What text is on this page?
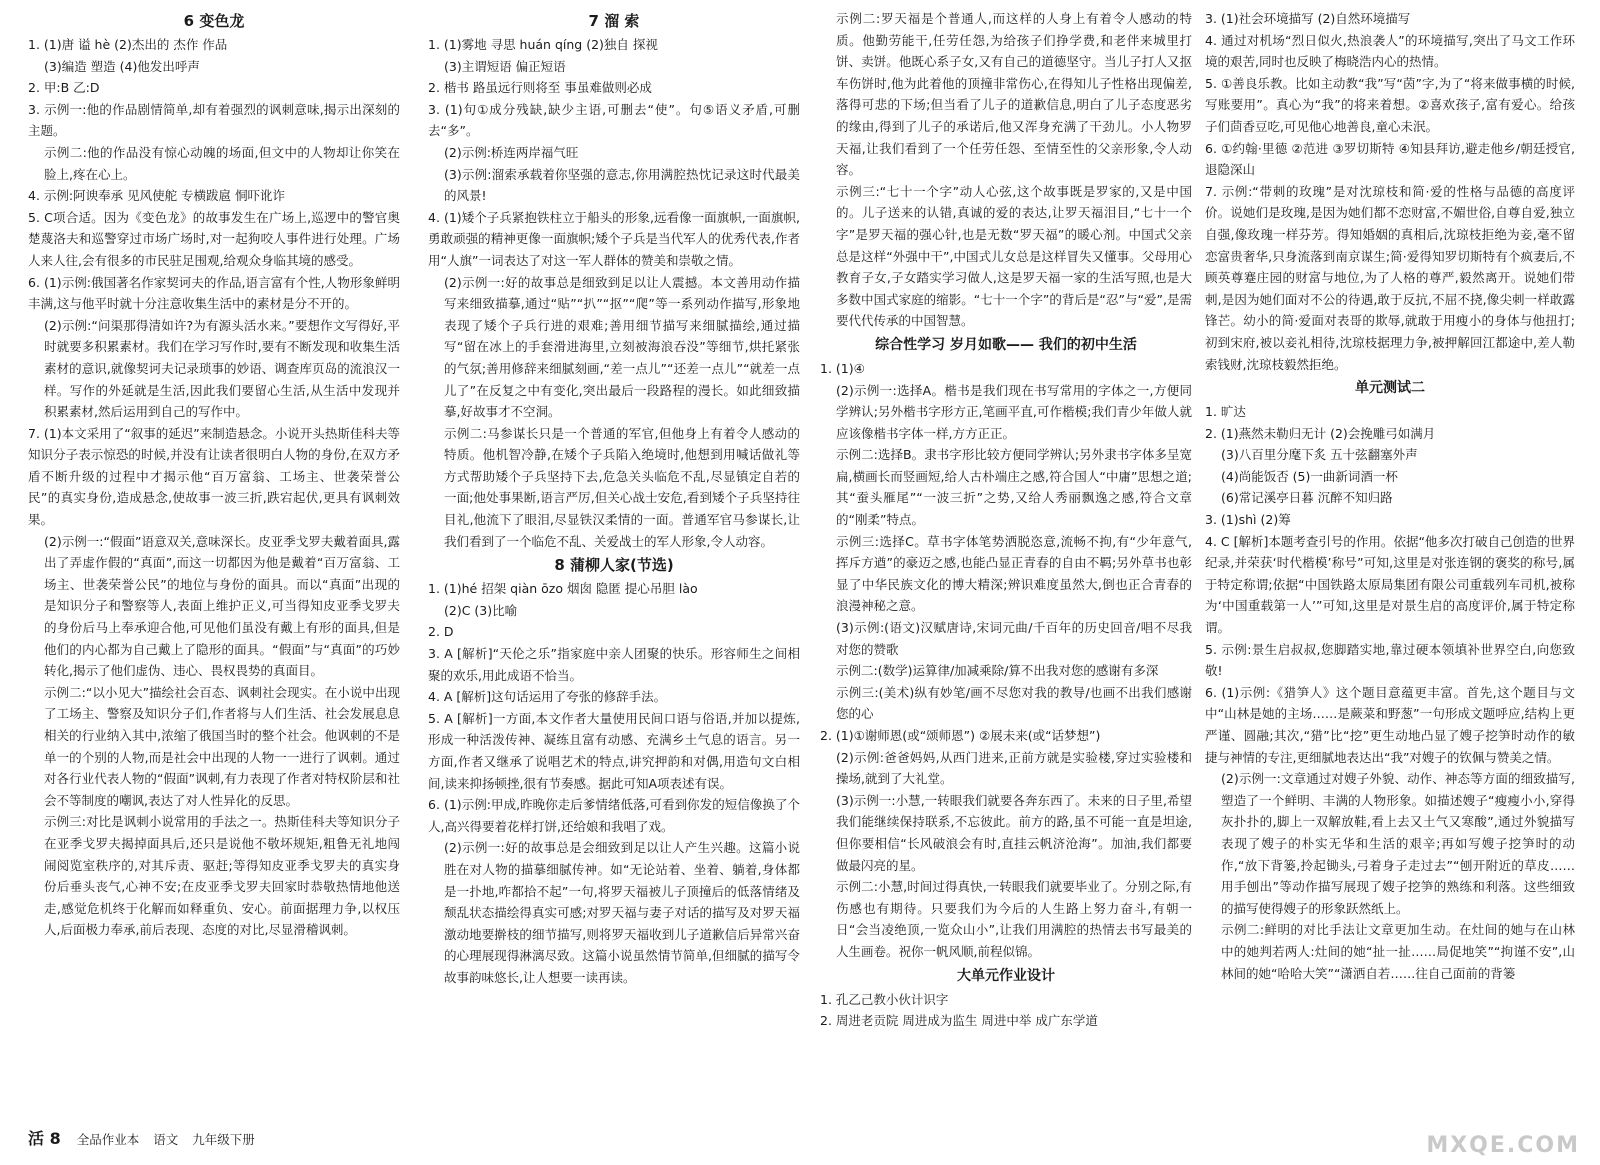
6 变色龙

1. (1)唐 谥 hè (2)杰出的 杰作 作品

(3)编造 塑造 (4)他发出呼声

2. 甲:B 乙:D

3. 示例一:他的作品剧情简单,却有着强烈的讽刺意味,揭示出深刻的主题。

示例二:他的作品没有惊心动魄的场面,但文中的人物却让你笑在脸上,疼在心上。

4. 示例:阿谀奉承 见风使舵 专横跋扈 恫吓讹诈

5. C项合适。因为《变色龙》的故事发生在广场上,巡逻中的警官奥楚蔑洛夫和巡警穿过市场广场时,对一起狗咬人事件进行处理。广场人来人往,会有很多的市民驻足围观,给观众身临其境的感受。

6. (1)示例:俄国著名作家契诃夫的作品,语言富有个性,人物形象鲜明丰满,这与他平时就十分注意收集生活中的素材是分不开的。

(2)示例:“问渠那得清如许?为有源头活水来。”要想作文写得好,平时就要多积累素材。我们在学习写作时,要有不断发现和收集生活素材的意识,就像契诃夫记录琐事的妙语、调查库页岛的流浪汉一样。写作的外延就是生活,因此我们要留心生活,从生活中发现并积累素材,然后运用到自己的写作中。

7. (1)本文采用了“叙事的延迟”来制造悬念。小说开头热斯佳科夫等知识分子表示惊恐的时候,并没有让读者很明白人物的身份,在双方矛盾不断升级的过程中才揭示他“百万富翁、工场主、世袭荣誉公民”的真实身份,造成悬念,使故事一波三折,跌宕起伏,更具有讽刺效果。

(2)示例一:“假面”语意双关,意味深长。皮亚季戈罗夫戴着面具,露出了弄虚作假的“真面”,而这一切都因为他是戴着“百万富翁、工场主、世袭荣誉公民”的地位与身份的面具。而以“真面”出现的是知识分子和警察等人,表面上维护正义,可当得知皮亚季戈罗夫的身份后马上奉承迎合他,可见他们虽没有戴上有形的面具,但是他们的内心都为自己戴上了隐形的面具。“假面”与“真面”的巧妙转化,揭示了他们虚伪、违心、畏权畏势的真面目。

示例二:“以小见大”描绘社会百态、讽刺社会现实。在小说中出现了工场主、警察及知识分子们,作者将与人们生活、社会发展息息相关的行业纳入其中,浓缩了俄国当时的整个社会。他讽刺的不是单一的个别的人物,而是社会中出现的人物一一进行了讽刺。通过对各行业代表人物的“假面”讽刺,有力表现了作者对特权阶层和社会不等制度的嘲讽,表达了对人性异化的反思。

示例三:对比是讽刺小说常用的手法之一。热斯佳科夫等知识分子在亚季戈罗夫揭掉面具后,还只是说他不敬坏规矩,粗鲁无礼地闯闹阅览室秩序的,对其斥责、驱赶;等得知皮亚季戈罗夫的真实身份后垂头丧气,心神不安;在皮亚季戈罗夫回家时恭敬热情地他送走,感觉危机终于化解而如释重负、安心。前面据理力争,以权压人,后面极力奉承,前后表现、态度的对比,尽显滑稽讽刺。

7 溜 索

1. (1)雾地 寻思 huán qíng (2)独自 探视

(3)主谓短语 偏正短语

2. 楷书 路虽远行则将至 事虽难做则必成

3. (1)句①成分残缺,缺少主语,可删去“使”。句⑤语义矛盾,可删去“多”。

(2)示例:桥连两岸福气旺

(3)示例:溜索承载着你坚强的意志,你用满腔热忱记录这时代最美的风景!

4. (1)矮个子兵紧抱铁柱立于船头的形象,远看像一面旗帜,一面旗帜,勇敢顽强的精神更像一面旗帜;矮个子兵是当代军人的优秀代表,作者用“人旗”一词表达了对这一军人群体的赞美和崇敬之情。

(2)示例一:好的故事总是细致到足以让人震撼。本文善用动作描写来细致描摹,通过“贴”“扒”“抠”“爬”等一系列动作描写,形象地表现了矮个子兵行进的艰难;善用细节描写来细腻描绘,通过描写“留在冰上的手套滑进海里,立刻被海浪吞没”等细节,烘托紧张的气氛;善用修辞来细腻刻画,“差一点儿”“还差一点儿”“就差一点儿了”在反复之中有变化,突出最后一段路程的漫长。如此细致描摹,好故事才不空洞。

示例二:马参谋长只是一个普通的军官,但他身上有着令人感动的特质。他机智冷静,在矮个子兵陷入绝境时,他想到用喊话做礼等方式帮助矮个子兵坚持下去,危急关头临危不乱,尽显镇定自若的一面;他处事果断,语言严厉,但关心战士安危,看到矮个子兵坚持往目礼,他流下了眼泪,尽显铁汉柔情的一面。普通军官马参谋长,让我们看到了一个临危不乱、关爱战士的军人形象,令人动容。

8 蒲柳人家(节选)

1. (1)hé 招架 qiàn ōzo 烟囱 隐匿 提心吊胆 lào

(2)C (3)比喻

2. D

3. A [解析]“天伦之乐”指家庭中亲人团聚的快乐。形容师生之间相聚的欢乐,用此成语不恰当。

4. A [解析]这句话运用了夸张的修辞手法。

5. A [解析]一方面,本文作者大量使用民间口语与俗语,并加以提炼,形成一种活泼传神、凝练且富有动感、充满乡土气息的语言。另一方面,作者又继承了说唱艺术的特点,讲究押韵和对偶,用造句文白相间,读来抑扬顿挫,很有节奏感。据此可知A项表述有误。

6. (1)示例:甲成,昨晚你走后爹情绪低落,可看到你发的短信像换了个人,高兴得要着花样打饼,还给娘和我唱了戏。

(2)示例一:好的故事总是会细致到足以让人产生兴趣。这篇小说胜在对人物的描摹细腻传神。如“无论站着、坐着、躺着,身体都是一扑地,咋都拾不起”一句,将罗天福被儿子顶撞后的低落情绪及颓乱状态描绘得真实可感;对罗天福与妻子对话的描写及对罗天福激动地要擀枝的细节描写,则将罗天福收到儿子道歉信后异常兴奋的心理展现得淋漓尽致。这篇小说虽然情节简单,但细腻的描写令故事韵味悠长,让人想要一读再读。

示例二:罗天福是个普通人,而这样的人身上有着令人感动的特质。他勤劳能干,任劳任怨,为给孩子们挣学费,和老伴来城里打饼、卖饼。他既心系子女,又有自己的道德坚守。当儿子打人又抠车伤饼时,他为此着他的顶撞非常伤心,在得知儿子性格出现偏差,落得可悲的下场;但当看了儿子的道歉信息,明白了儿子态度恶劣的缘由,得到了儿子的承诺后,他又浑身充满了干劲儿。小人物罗天福,让我们看到了一个任劳任怨、至情至性的父亲形象,令人动容。

示例三:“七十一个字”动人心弦,这个故事既是罗家的,又是中国的。儿子送来的认错,真诚的爱的表达,让罗天福泪目,“七十一个字”是罗天福的强心针,也是无数“罗天福”的暖心剂。中国式父亲总是这样“外强中干”,中国式儿女总是这样冒失又懂事。父母用心教育子女,子女踏实学习做人,这是罗天福一家的生活写照,也是大多数中国式家庭的缩影。“七十一个字”的背后是“忍”与“爱”,是需要代代传承的中国智慧。

综合性学习 岁月如歌—— 我们的初中生活

1. (1)④

(2)示例一:选择A。楷书是我们现在书写常用的字体之一,方便同学辨认;另外楷书字形方正,笔画平直,可作楷模;我们青少年做人就应该像楷书字体一样,方方正正。

示例二:选择B。隶书字形比较方便同学辨认;另外隶书字体多呈宽扁,横画长而竖画短,给人古朴端庄之感,符合国人“中庸”思想之道;其“蚕头雁尾”“一波三折”之势,又给人秀丽飘逸之感,符合文章的“刚柔”特点。

示例三:选择C。草书字体笔势洒脱恣意,流畅不拘,有“少年意气,挥斥方遒”的豪迈之感,也能凸显正青春的自由不羁;另外草书也彰显了中华民族文化的博大精深;辨识难度虽然大,倒也正合青春的浪漫神秘之意。

(3)示例:(语文)汉赋唐诗,宋词元曲/千百年的历史回音/唱不尽我对您的赞歌

示例二:(数学)运算律/加减乘除/算不出我对您的感谢有多深

示例三:(美术)纵有妙笔/画不尽您对我的教导/也画不出我们感谢您的心

2. (1)①谢师恩(或“颂师恩”) ②展未来(或“话梦想”)

(2)示例:爸爸妈妈,从西门进来,正前方就是实验楼,穿过实验楼和操场,就到了大礼堂。

(3)示例一:小慧,一转眼我们就要各奔东西了。未来的日子里,希望我们能继续保持联系,不忘彼此。前方的路,虽不可能一直是坦途,但你要相信“长风破浪会有时,直挂云帆济沧海”。加油,我们都要做最闪亮的星。

示例二:小慧,时间过得真快,一转眼我们就要毕业了。分别之际,有伤感也有期待。只要我们为今后的人生路上努力奋斗,有朝一日“会当凌绝顶,一览众山小”,让我们用满腔的热情去书写最美的人生画卷。祝你一帆风顺,前程似锦。

大单元作业设计

1. 孔乙己教小伙计识字

2. 周进老贡院 周进成为监生 周进中举 成广东学道

3. (1)社会环境描写 (2)自然环境描写

4. 通过对机场“烈日似火,热浪袭人”的环境描写,突出了马文工作环境的艰苦,同时也反映了梅晓浩内心的热情。

5. ①善良乐教。比如主动教“我”写“茵”字,为了“将来做事横的时候,写账要用”。真心为“我”的将来着想。②喜欢孩子,富有爱心。给孩子们茴香豆吃,可见他心地善良,童心未泯。

6. ①约翰·里德 ②范进 ③罗切斯特 ④知县拜访,避走他乡/朝廷授官,退隐深山

7. 示例:“带刺的玫瑰”是对沈琼枝和简·爱的性格与品德的高度评价。说她们是玫瑰,是因为她们都不恋财富,不媚世俗,自尊自爱,独立自强,像玫瑰一样芬芳。得知婚姻的真相后,沈琼枝拒绝为妾,毫不留恋富贵奢华,只身流落到南京谋生;简·爱得知罗切斯特有个疯妻后,不顾英尊蹇庄园的财富与地位,为了人格的尊严,毅然离开。说她们带刺,是因为她们面对不公的待遇,敢于反抗,不屈不挠,像尖刺一样敢露锋芒。幼小的简·爱面对表哥的欺辱,就敢于用瘦小的身体与他扭打;初到宋府,被以妾礼相待,沈琼枝据理力争,被押解回江都途中,差人勒索钱财,沈琼枝毅然拒绝。

单元测试二

1. 旷达

2. (1)燕然未勒归无计 (2)会挽雕弓如满月

(3)八百里分麾下炙 五十弦翻塞外声

(4)尚能饭否 (5)一曲新词酒一杯

(6)常记溪亭日暮 沉醉不知归路

3. (1)shì (2)筹

4. C [解析]本题考查引号的作用。依据“他多次打破自己创造的世界纪录,并荣获‘时代楷模’称号”可知,这里是对张连钢的褒奖的称号,属于特定称谓;依据“中国铁路太原局集团有限公司重载列车司机,被称为‘中国重载第一人’”可知,这里是对景生启的高度评价,属于特定称谓。

5. 示例:景生启叔叔,您脚踏实地,靠过硬本领填补世界空白,向您致敬!

6. (1)示例:《猎笋人》这个题目意蕴更丰富。首先,这个题目与文中“山林是她的主场……是蕨菜和野葱”一句形成文题呼应,结构上更严谨、圆融;其次,“猎”比“挖”更生动地凸显了嫂子挖笋时动作的敏捷与神情的专注,更细腻地表达出“我”对嫂子的钦佩与赞美之情。

(2)示例一:文章通过对嫂子外貌、动作、神态等方面的细致描写,塑造了一个鲜明、丰满的人物形象。如描述嫂子“瘦瘦小小,穿得灰扑扑的,脚上一双解放鞋,看上去又土气又寒酸”,通过外貌描写表现了嫂子的朴实无华和生活的艰辛;再如写嫂子挖笋时的动作,“放下背篓,拎起锄头,弓着身子走过去”“刨开附近的草皮……用手刨出”等动作描写展现了嫂子挖笋的熟练和利落。这些细致的描写使得嫂子的形象跃然纸上。

示例二:鲜明的对比手法让文章更加生动。在灶间的她与在山林中的她判若两人:灶间的她“扯一扯……局促地笑”“拘谨不安”,山林间的她“哈哈大笑”“潇洒自若……往自己面前的背篓

活 8 全品作业本 语文 九年级下册	MXQE.COM
